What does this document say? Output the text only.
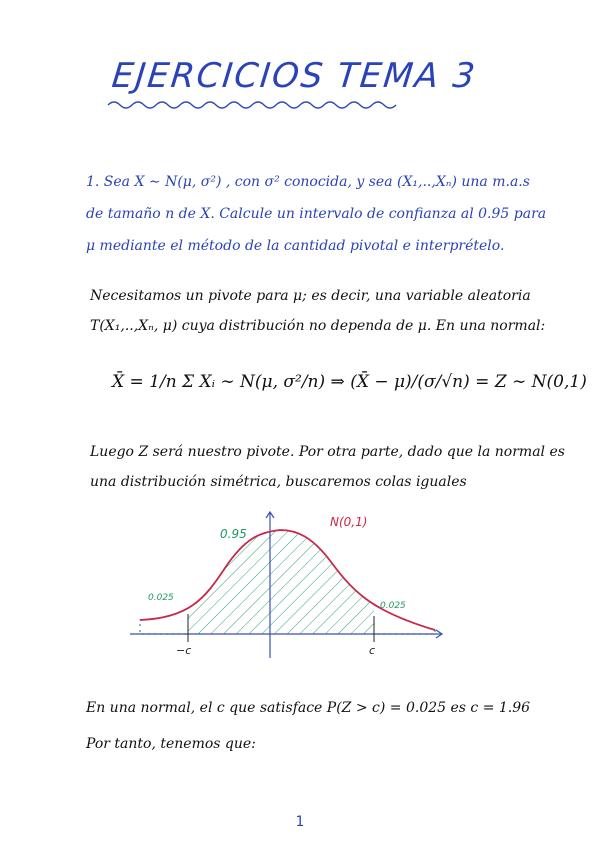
EJERCICIOS TEMA 3
1. Sea X ∼ N(μ, σ²) , con σ² conocida, y sea (X₁,..,Xₙ) una m.a.s
de tamaño n de X. Calcule un intervalo de confianza al 0.95 para
μ mediante el método de la cantidad pivotal e interprételo.
Necesitamos un pivote para μ; es decir, una variable aleatoria
T(X₁,..,Xₙ, μ) cuya distribución no dependa de μ. En una normal:
X̄ = 1/n Σ Xᵢ ∼ N(μ, σ²/n) ⇒ (X̄ − μ)/(σ/√n) = Z ∼ N(0,1)
Luego Z será nuestro pivote. Por otra parte, dado que la normal es
una distribución simétrica, buscaremos colas iguales
0.95
N(0,1)
0.025
0.025
−c	c
En una normal, el c que satisface P(Z > c) = 0.025 es c = 1.96
Por tanto, tenemos que:
1
